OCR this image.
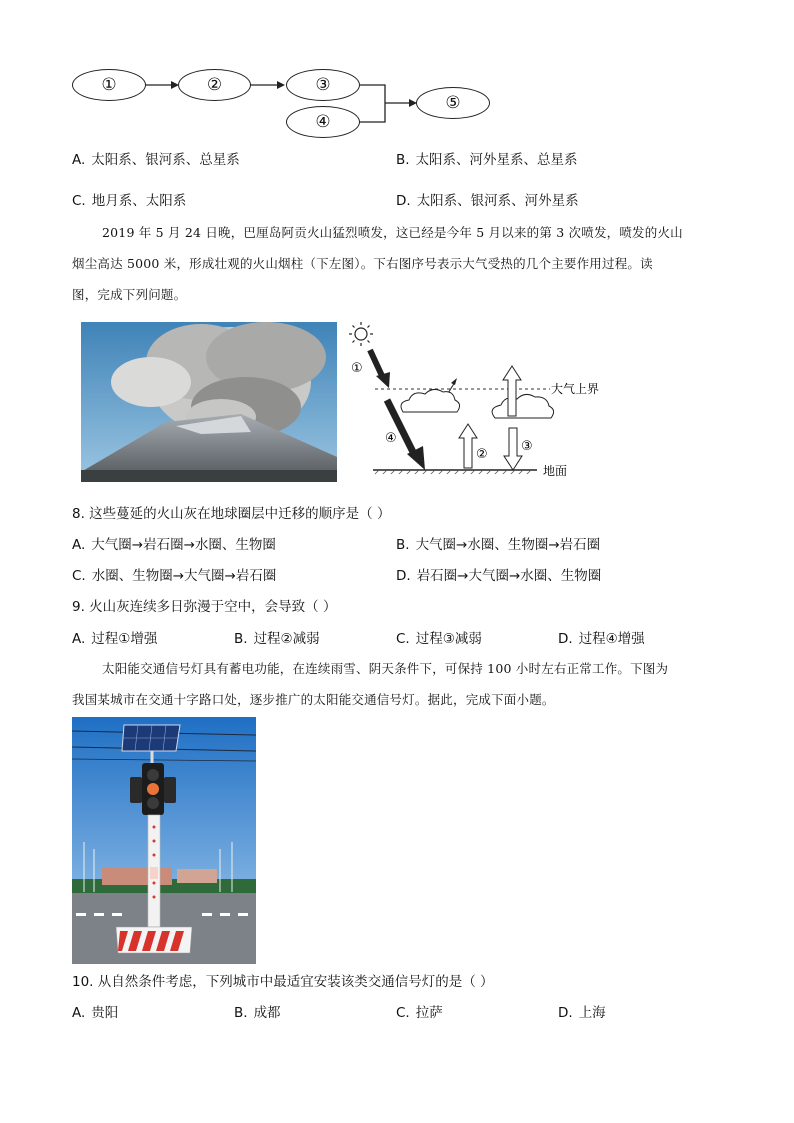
①	②	③
④
⑤
A. 太阳系、银河系、总星系	B. 太阳系、河外星系、总星系
C. 地月系、太阳系	D. 太阳系、银河系、河外星系
2019 年 5 月 24 日晚，巴厘岛阿贡火山猛烈喷发，这已经是今年 5 月以来的第 3 次喷发，喷发的火山
烟尘高达 5000 米，形成壮观的火山烟柱（下左图）。下右图序号表示大气受热的几个主要作用过程。读
图，完成下列问题。
①
大气上界
④
②
③
地面
8. 这些蔓延的火山灰在地球圈层中迁移的顺序是（ ）
A. 大气圈→岩石圈→水圈、生物圈	B. 大气圈→水圈、生物圈→岩石圈
C. 水圈、生物圈→大气圈→岩石圈	D. 岩石圈→大气圈→水圈、生物圈
9. 火山灰连续多日弥漫于空中，会导致（ ）
A. 过程①增强	B. 过程②减弱	C. 过程③减弱	D. 过程④增强
太阳能交通信号灯具有蓄电功能，在连续雨雪、阴天条件下，可保持 100 小时左右正常工作。下图为
我国某城市在交通十字路口处，逐步推广的太阳能交通信号灯。据此，完成下面小题。
10. 从自然条件考虑，下列城市中最适宜安装该类交通信号灯的是（ ）
A. 贵阳	B. 成都	C. 拉萨	D. 上海
